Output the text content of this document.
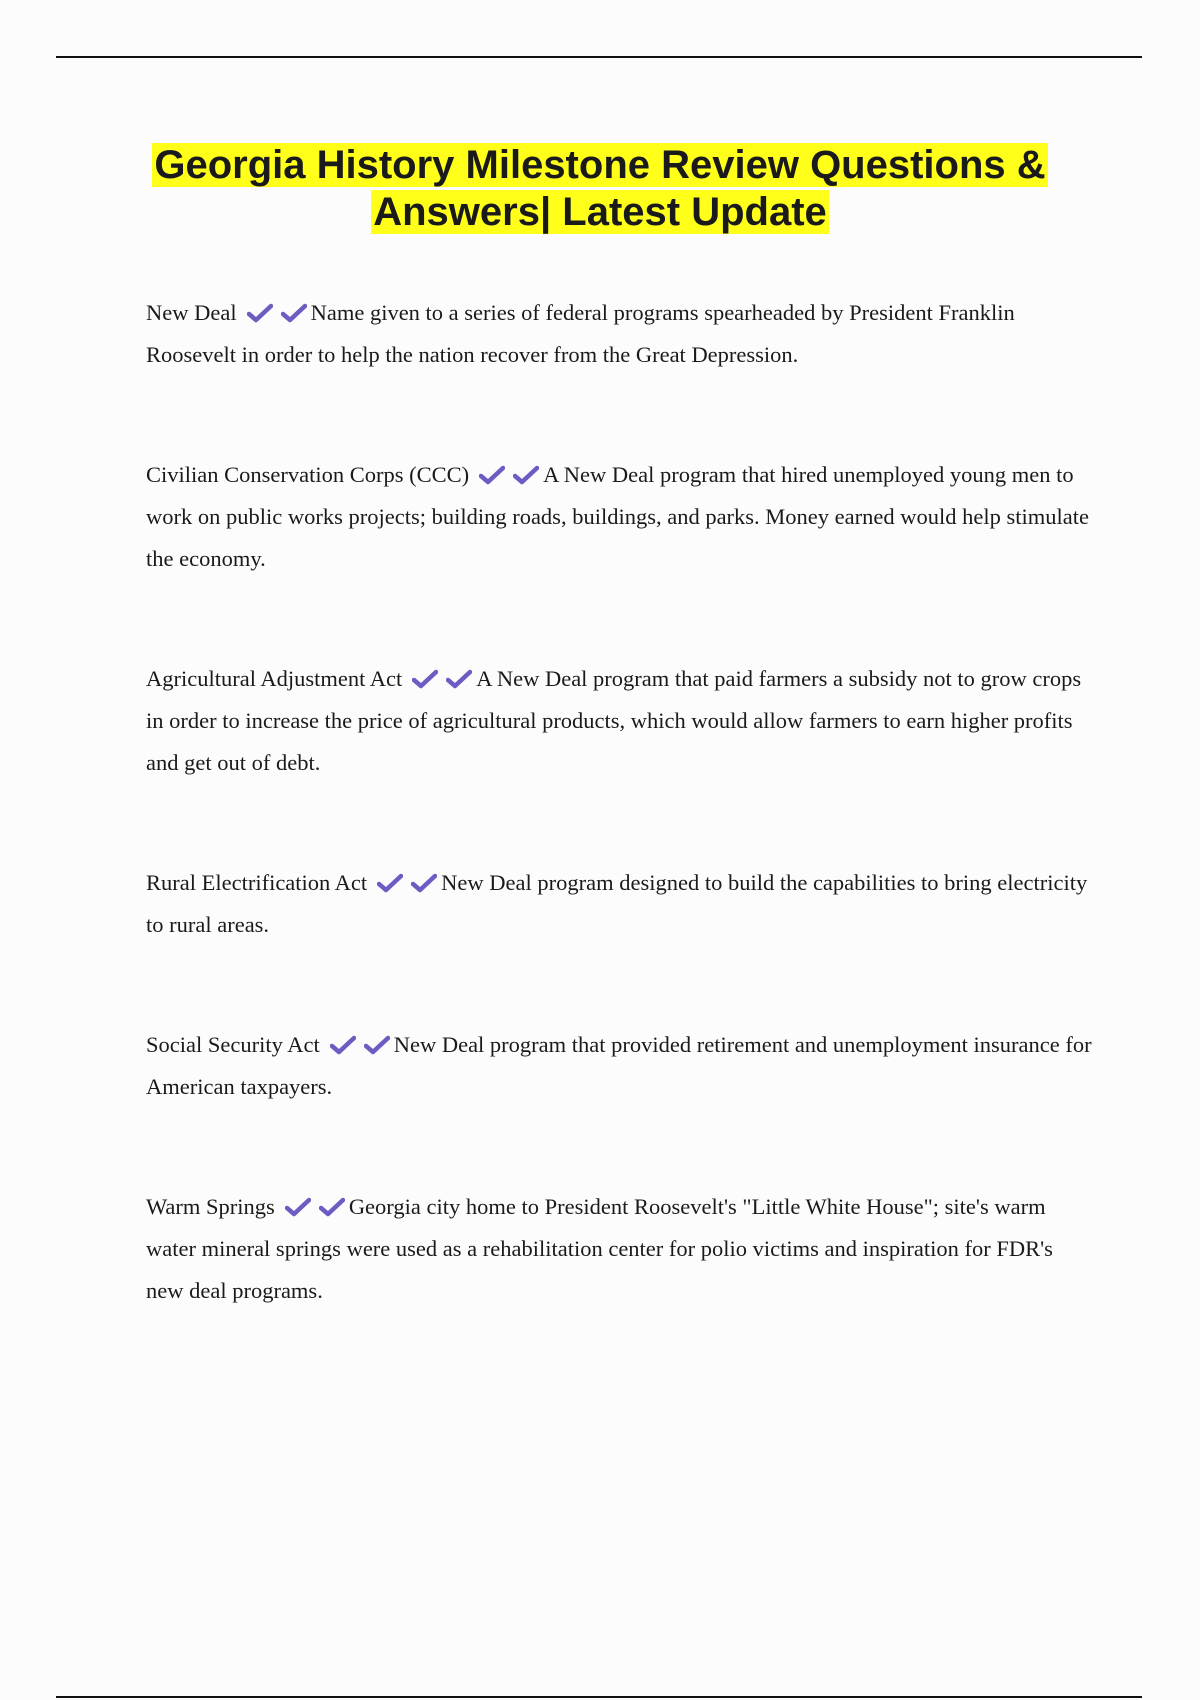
Georgia History Milestone Review Questions &
Answers| Latest Update
New Deal	Name given to a series of federal programs spearheaded by President Franklin Roosevelt in order to help the nation recover from the Great Depression.
Civilian Conservation Corps (CCC)	A New Deal program that hired unemployed young men to work on public works projects; building roads, buildings, and parks. Money earned would help stimulate the economy.
Agricultural Adjustment Act	A New Deal program that paid farmers a subsidy not to grow crops in order to increase the price of agricultural products, which would allow farmers to earn higher profits and get out of debt.
Rural Electrification Act	New Deal program designed to build the capabilities to bring electricity to rural areas.
Social Security Act	New Deal program that provided retirement and unemployment insurance for American taxpayers.
Warm Springs	Georgia city home to President Roosevelt's "Little White House"; site's warm water mineral springs were used as a rehabilitation center for polio victims and inspiration for FDR's new deal programs.
